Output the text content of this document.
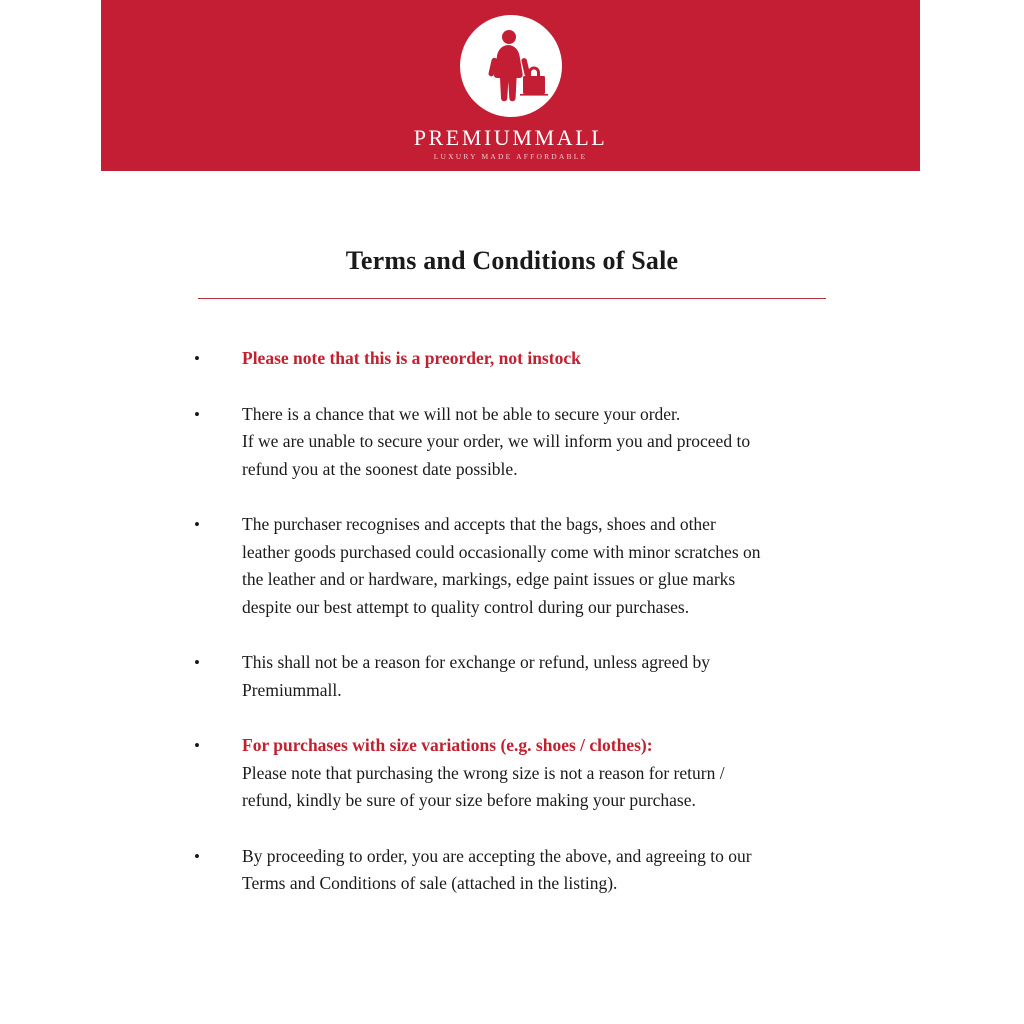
PREMIUMMALL
LUXURY MADE AFFORDABLE
Terms and Conditions of Sale
•	Please note that this is a preorder, not instock

•	There is a chance that we will not be able to secure your order.

If we are unable to secure your order, we will inform you and proceed to

refund you at the soonest date possible.

•	The purchaser recognises and accepts that the bags, shoes and other

leather goods purchased could occasionally come with minor scratches on

the leather and or hardware, markings, edge paint issues or glue marks

despite our best attempt to quality control during our purchases.

•	This shall not be a reason for exchange or refund, unless agreed by

Premiummall.

•	For purchases with size variations (e.g. shoes / clothes):

Please note that purchasing the wrong size is not a reason for return /

refund, kindly be sure of your size before making your purchase.

•	By proceeding to order, you are accepting the above, and agreeing to our

Terms and Conditions of sale (attached in the listing).
